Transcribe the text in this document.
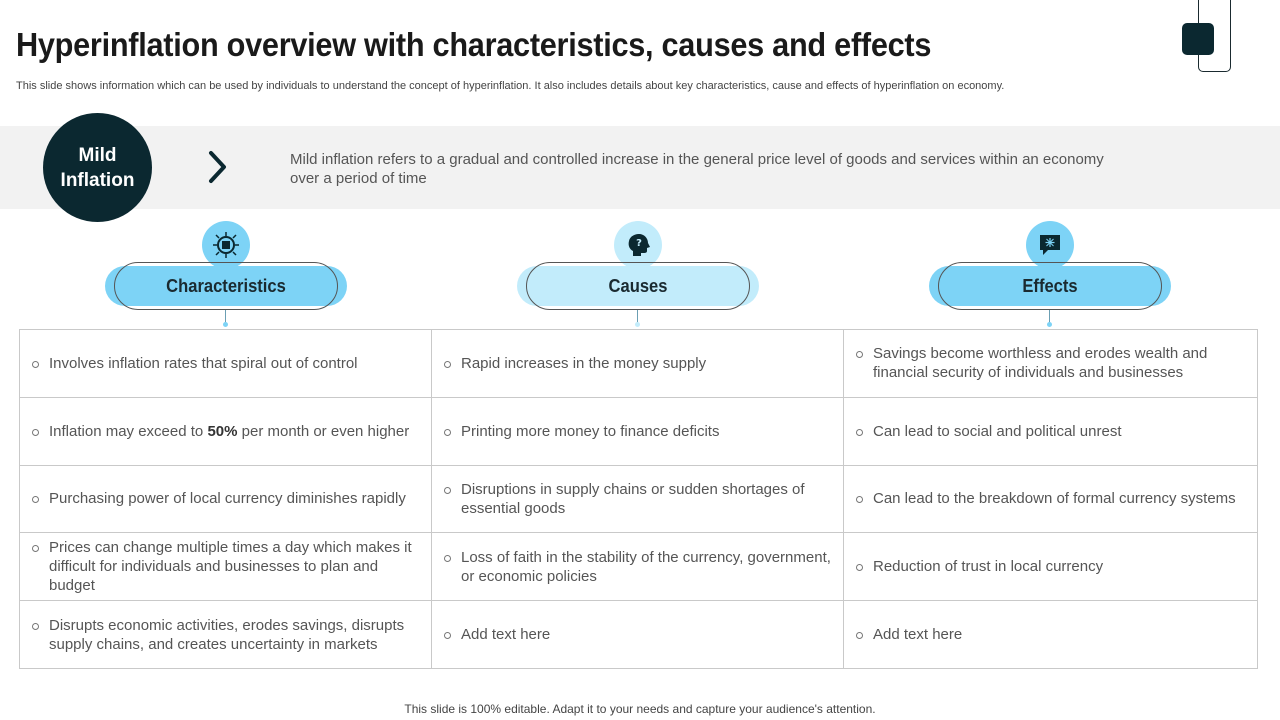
Hyperinflation overview with characteristics, causes and effects
This slide shows information which can be used by individuals to understand the concept of hyperinflation. It also includes details about key characteristics, cause and effects of hyperinflation on economy.
Mild Inflation
Mild inflation refers to a gradual and controlled increase in the general price level of goods and services within an economy over a period of time
Characteristics
?
Causes	Effects
Involves inflation rates that spiral out of control	Rapid increases in the money supply	Savings become worthless and erodes wealth and financial security of individuals and businesses

Inflation may exceed to 50% per month or even higher	Printing more money to finance deficits	Can lead to social and political unrest

Purchasing power of local currency diminishes rapidly	Disruptions in supply chains or sudden shortages of essential goods	Can lead to the breakdown of formal currency systems

Prices can change multiple times a day which makes it difficult for individuals and businesses to plan and budget	Loss of faith in the stability of the currency, government, or economic policies	Reduction of trust in local currency

Disrupts economic activities, erodes savings, disrupts supply chains, and creates uncertainty in markets	Add text here	Add text here
This slide is 100% editable. Adapt it to your needs and capture your audience's attention.
